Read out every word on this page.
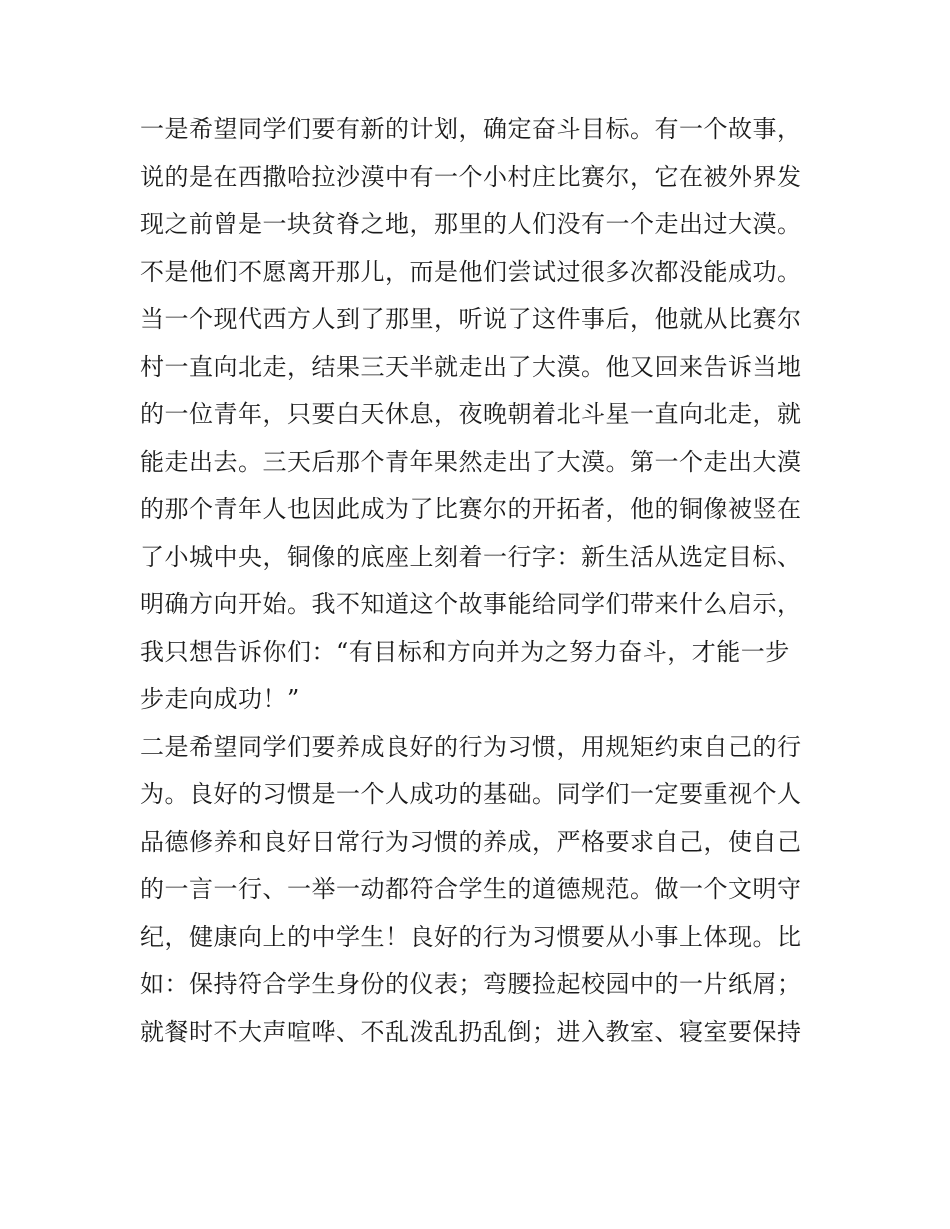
一是希望同学们要有新的计划，确定奋斗目标。有一个故事，
说的是在西撒哈拉沙漠中有一个小村庄比赛尔，它在被外界发
现之前曾是一块贫脊之地，那里的人们没有一个走出过大漠。
不是他们不愿离开那儿，而是他们尝试过很多次都没能成功。
当一个现代西方人到了那里，听说了这件事后，他就从比赛尔
村一直向北走，结果三天半就走出了大漠。他又回来告诉当地
的一位青年，只要白天休息，夜晚朝着北斗星一直向北走，就
能走出去。三天后那个青年果然走出了大漠。第一个走出大漠
的那个青年人也因此成为了比赛尔的开拓者，他的铜像被竖在
了小城中央，铜像的底座上刻着一行字：新生活从选定目标、
明确方向开始。我不知道这个故事能给同学们带来什么启示，
我只想告诉你们：“有目标和方向并为之努力奋斗，才能一步
步走向成功！”
二是希望同学们要养成良好的行为习惯，用规矩约束自己的行
为。良好的习惯是一个人成功的基础。同学们一定要重视个人
品德修养和良好日常行为习惯的养成，严格要求自己，使自己
的一言一行、一举一动都符合学生的道德规范。做一个文明守
纪，健康向上的中学生！良好的行为习惯要从小事上体现。比
如：保持符合学生身份的仪表；弯腰捡起校园中的一片纸屑；
就餐时不大声喧哗、不乱泼乱扔乱倒；进入教室、寝室要保持
